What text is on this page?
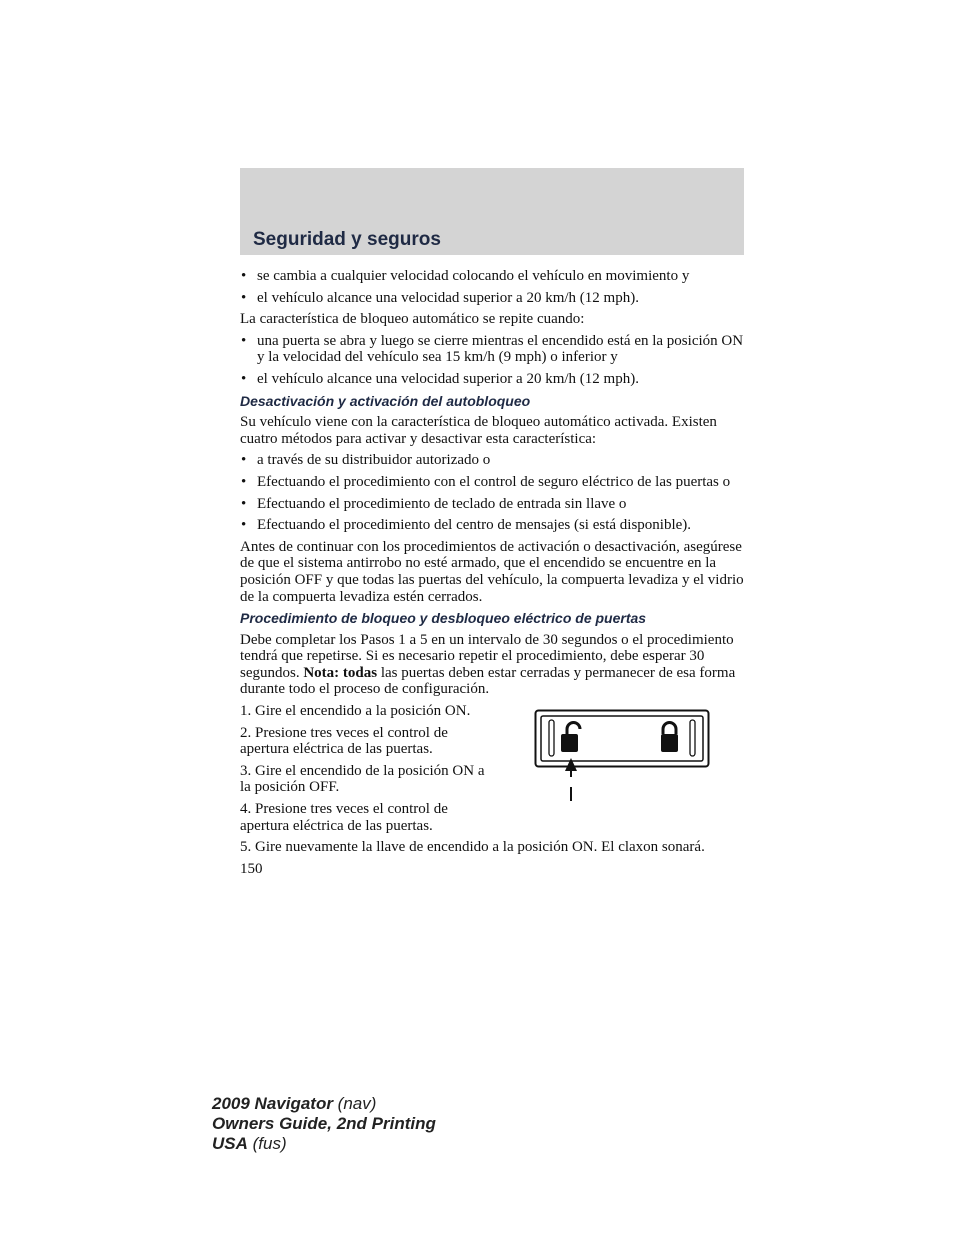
Seguridad y seguros
• se cambia a cualquier velocidad colocando el vehículo en movimiento y
• el vehículo alcance una velocidad superior a 20 km/h (12 mph).

La característica de bloqueo automático se repite cuando:

• una puerta se abra y luego se cierre mientras el encendido está en la posición ON y la velocidad del vehículo sea 15 km/h (9 mph) o inferior y
• el vehículo alcance una velocidad superior a 20 km/h (12 mph).
Desactivación y activación del autobloqueo

Su vehículo viene con la característica de bloqueo automático activada. Existen cuatro métodos para activar y desactivar esta característica:

• a través de su distribuidor autorizado o
• Efectuando el procedimiento con el control de seguro eléctrico de las puertas o
• Efectuando el procedimiento de teclado de entrada sin llave o
• Efectuando el procedimiento del centro de mensajes (si está disponible).

Antes de continuar con los procedimientos de activación o desactivación, asegúrese de que el sistema antirrobo no esté armado, que el encendido se encuentre en la posición OFF y que todas las puertas del vehículo, la compuerta levadiza y el vidrio de la compuerta levadiza estén cerrados.

Procedimiento de bloqueo y desbloqueo eléctrico de puertas

Debe completar los Pasos 1 a 5 en un intervalo de 30 segundos o el procedimiento tendrá que repetirse. Si es necesario repetir el procedimiento, debe esperar 30 segundos. Nota: todas las puertas deben estar cerradas y permanecer de esa forma durante todo el proceso de configuración.

1. Gire el encendido a la posición ON.

2. Presione tres veces el control de apertura eléctrica de las puertas.

3. Gire el encendido de la posición ON a la posición OFF.

4. Presione tres veces el control de apertura eléctrica de las puertas.

5. Gire nuevamente la llave de encendido a la posición ON. El claxon sonará.

150
2009 Navigator (nav)
Owners Guide, 2nd Printing
USA (fus)
